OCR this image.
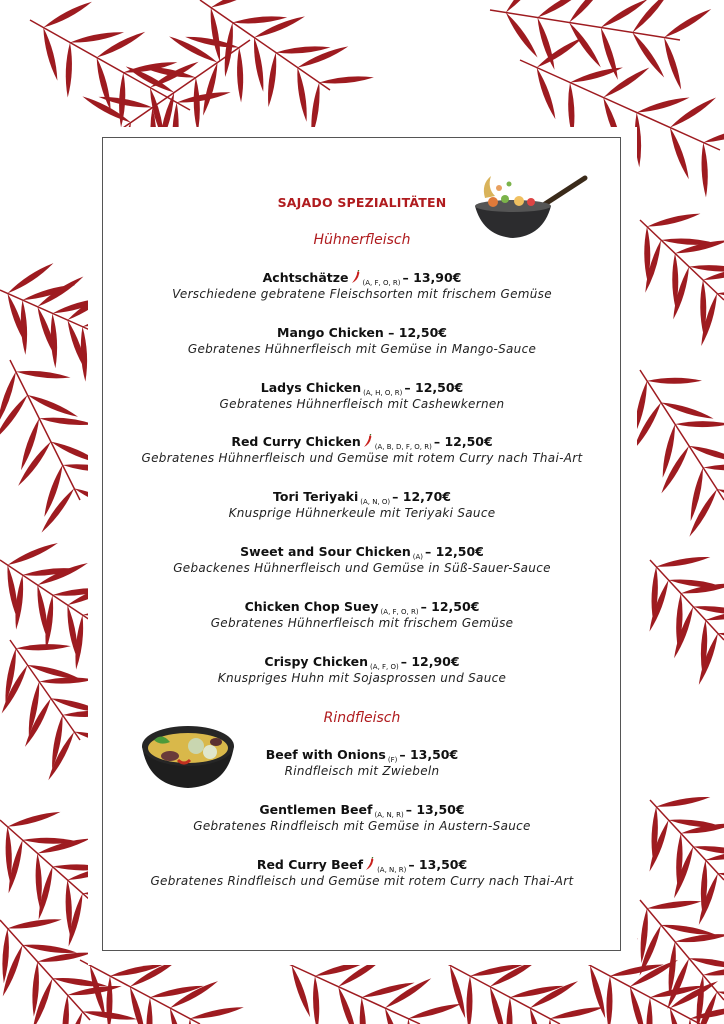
SAJADO SPEZIALITÄTEN
Hühnerfleisch
Achtschätze $_{(A, F, O, R)}$ – 13,90€
Verschiedene gebratene Fleischsorten mit frischem Gemüse
Mango Chicken – 12,50€
Gebratenes Hühnerfleisch mit Gemüse in Mango-Sauce
Ladys Chicken $_{(A, H, O, R)}$ – 12,50€
Gebratenes Hühnerfleisch mit Cashewkernen
Red Curry Chicken $_{(A, B, D, F, O, R)}$ – 12,50€
Gebratenes Hühnerfleisch und Gemüse mit rotem Curry nach Thai-Art
Tori Teriyaki $_{(A, N, O)}$ – 12,70€
Knusprige Hühnerkeule mit Teriyaki Sauce
Sweet and Sour Chicken $_{(A)}$ – 12,50€
Gebackenes Hühnerfleisch und Gemüse in Süß-Sauer-Sauce
Chicken Chop Suey $_{(A, F, O, R)}$ – 12,50€
Gebratenes Hühnerfleisch mit frischem Gemüse
Crispy Chicken $_{(A, F, O)}$ – 12,90€
Knuspriges Huhn mit Sojasprossen und Sauce
Rindfleisch
Beef with Onions $_{(F)}$ – 13,50€
Rindfleisch mit Zwiebeln
Gentlemen Beef $_{(A, N, R)}$ – 13,50€
Gebratenes Rindfleisch mit Gemüse in Austern-Sauce
Red Curry Beef $_{(A, N, R)}$ – 13,50€
Gebratenes Rindfleisch und Gemüse mit rotem Curry nach Thai-Art
